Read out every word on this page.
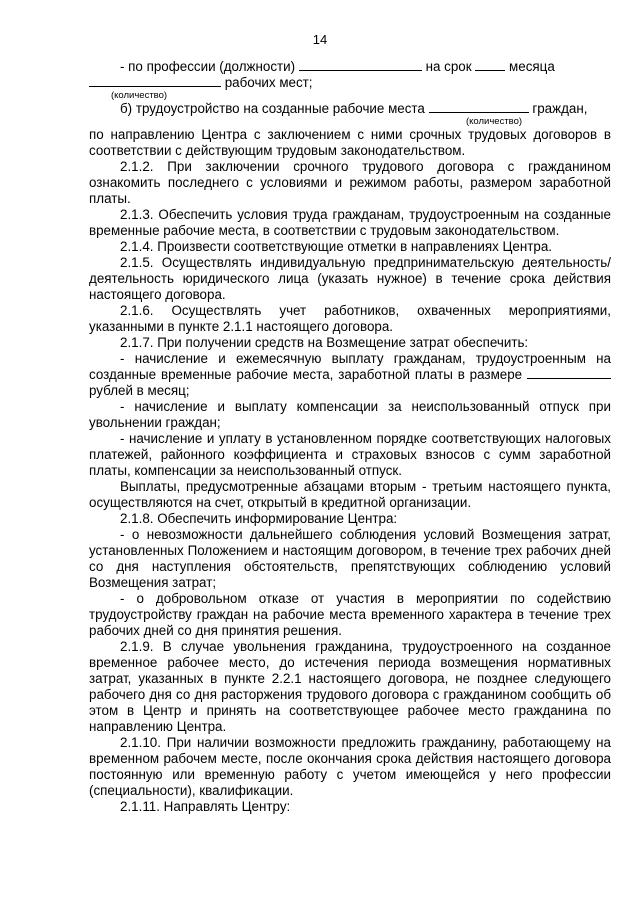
14
- по профессии (должности)	на срок	месяца
рабочих мест;
(количество)
б) трудоустройство на созданные рабочие места	граждан,
(количество)

по направлению Центра с заключением с ними срочных трудовых договоров в соответствии с действующим трудовым законодательством.

2.1.2. При заключении срочного трудового договора с гражданином ознакомить последнего с условиями и режимом работы, размером заработной платы.

2.1.3. Обеспечить условия труда гражданам, трудоустроенным на созданные временные рабочие места, в соответствии с трудовым законодательством.

2.1.4. Произвести соответствующие отметки в направлениях Центра.

2.1.5. Осуществлять индивидуальную предпринимательскую деятельность/деятельность юридического лица (указать нужное) в течение срока действия настоящего договора.

2.1.6. Осуществлять учет работников, охваченных мероприятиями, указанными в пункте 2.1.1 настоящего договора.

2.1.7. При получении средств на Возмещение затрат обеспечить:

- начисление и ежемесячную выплату гражданам, трудоустроенным на созданные временные рабочие места, заработной платы в размере  рублей в месяц;

- начисление и выплату компенсации за неиспользованный отпуск при увольнении граждан;

- начисление и уплату в установленном порядке соответствующих налоговых платежей, районного коэффициента и страховых взносов с сумм заработной платы, компенсации за неиспользованный отпуск.

Выплаты, предусмотренные абзацами вторым - третьим настоящего пункта, осуществляются на счет, открытый в кредитной организации.

2.1.8. Обеспечить информирование Центра:

- о невозможности дальнейшего соблюдения условий Возмещения затрат, установленных Положением и настоящим договором, в течение трех рабочих дней со дня наступления обстоятельств, препятствующих соблюдению условий Возмещения затрат;

- о добровольном отказе от участия в мероприятии по содействию трудоустройству граждан на рабочие места временного характера в течение трех рабочих дней со дня принятия решения.

2.1.9. В случае увольнения гражданина, трудоустроенного на созданное временное рабочее место, до истечения периода возмещения нормативных затрат, указанных в пункте 2.2.1 настоящего договора, не позднее следующего рабочего дня со дня расторжения трудового договора с гражданином сообщить об этом в Центр и принять на соответствующее рабочее место гражданина по направлению Центра.

2.1.10. При наличии возможности предложить гражданину, работающему на временном рабочем месте, после окончания срока действия настоящего договора постоянную или временную работу с учетом имеющейся у него профессии (специальности), квалификации.

2.1.11. Направлять Центру:
